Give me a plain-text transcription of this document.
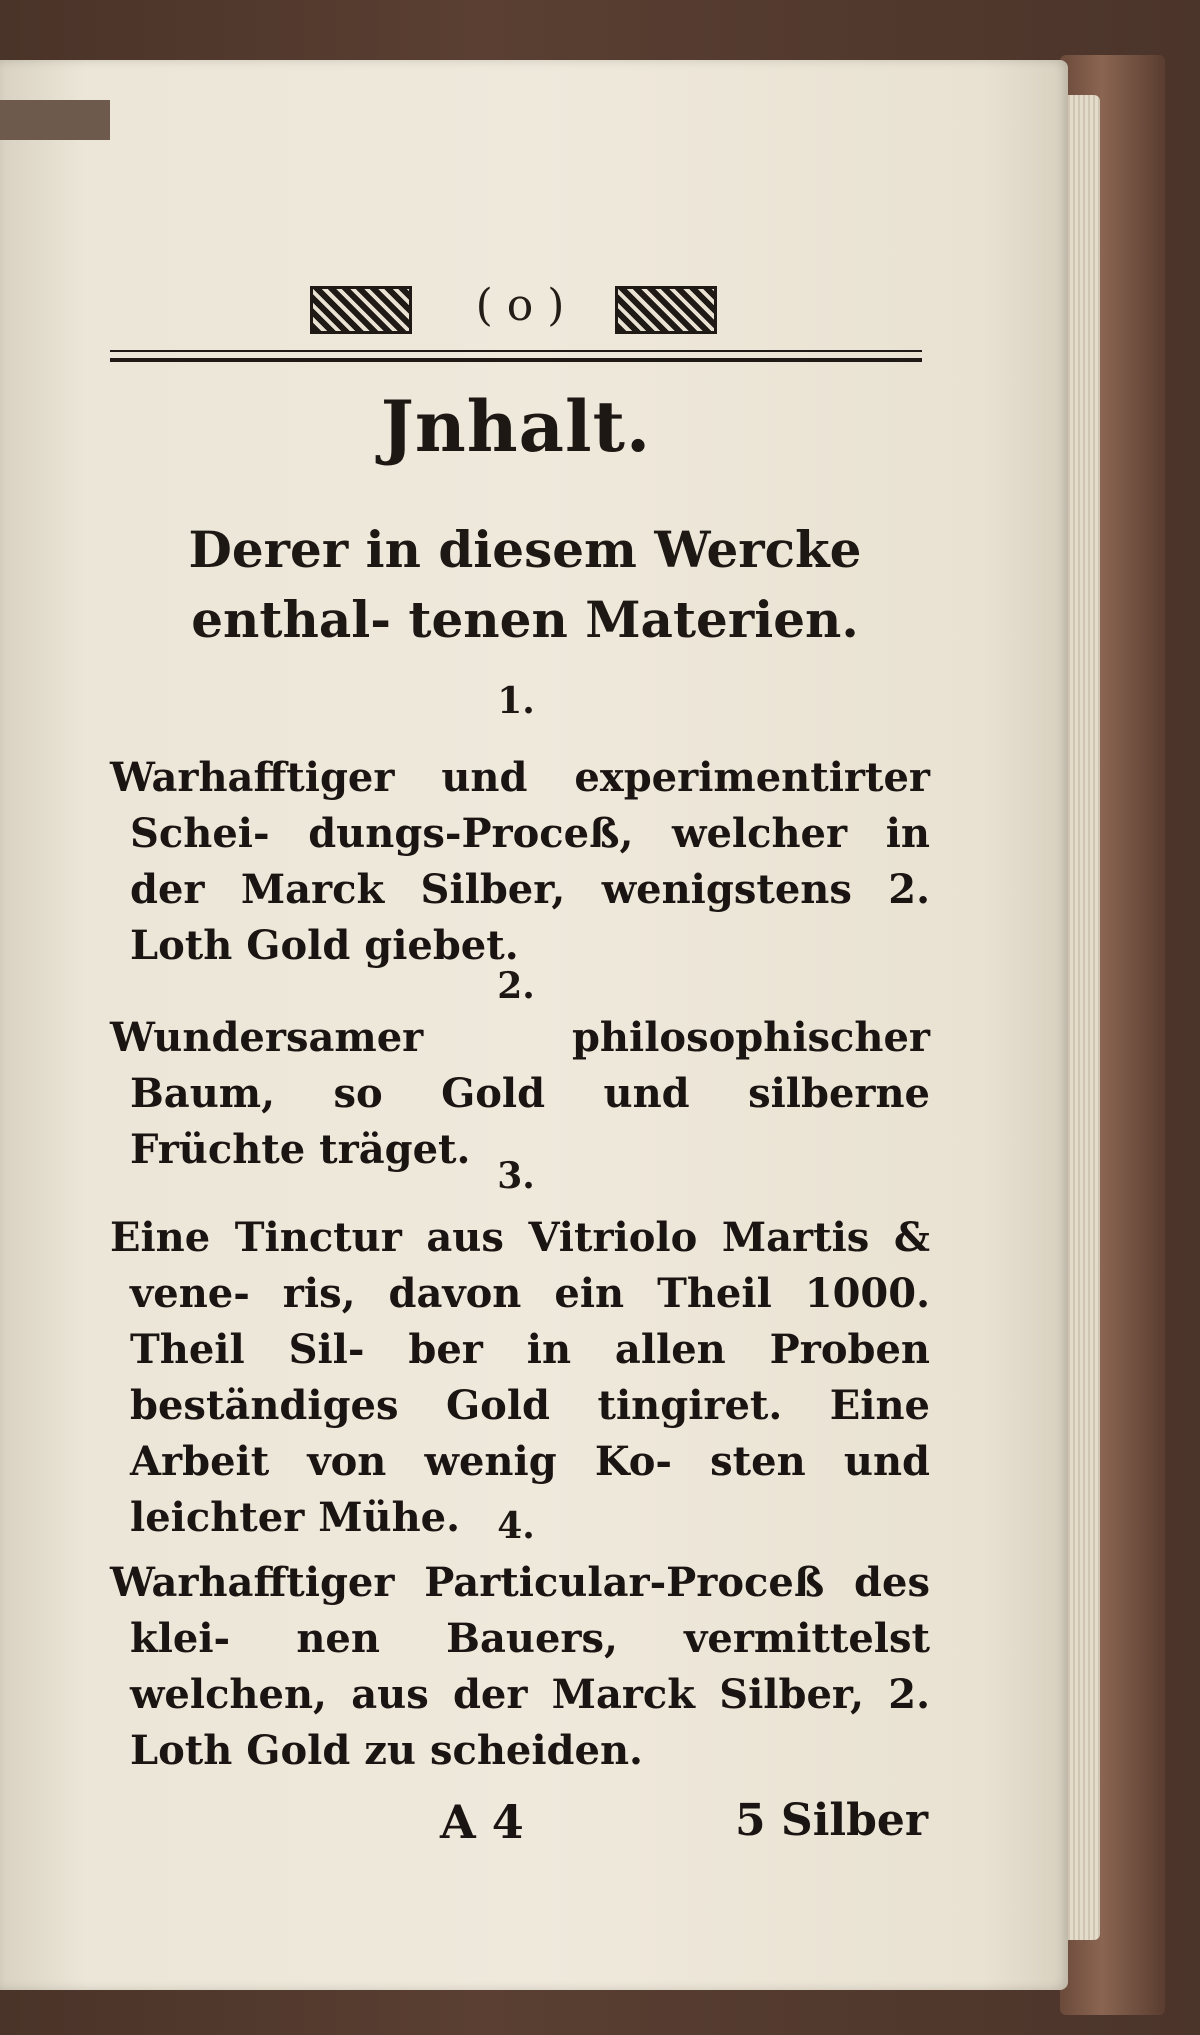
( o )
Jnhalt.
Derer in diesem Wercke enthal- tenen Materien.
1.
Warhafftiger und experimentirter Schei- dungs-Proceß, welcher in der Marck Silber, wenigstens 2. Loth Gold giebet.
2.
Wundersamer philosophischer Baum, so Gold und silberne Früchte träget.
3.
Eine Tinctur aus Vitriolo Martis & vene- ris, davon ein Theil 1000. Theil Sil- ber in allen Proben beständiges Gold tingiret. Eine Arbeit von wenig Ko- sten und leichter Mühe.	4.
Warhafftiger Particular-Proceß des klei- nen Bauers, vermittelst welchen, aus der Marck Silber, 2. Loth Gold zu scheiden.
A 4	5 Silber
